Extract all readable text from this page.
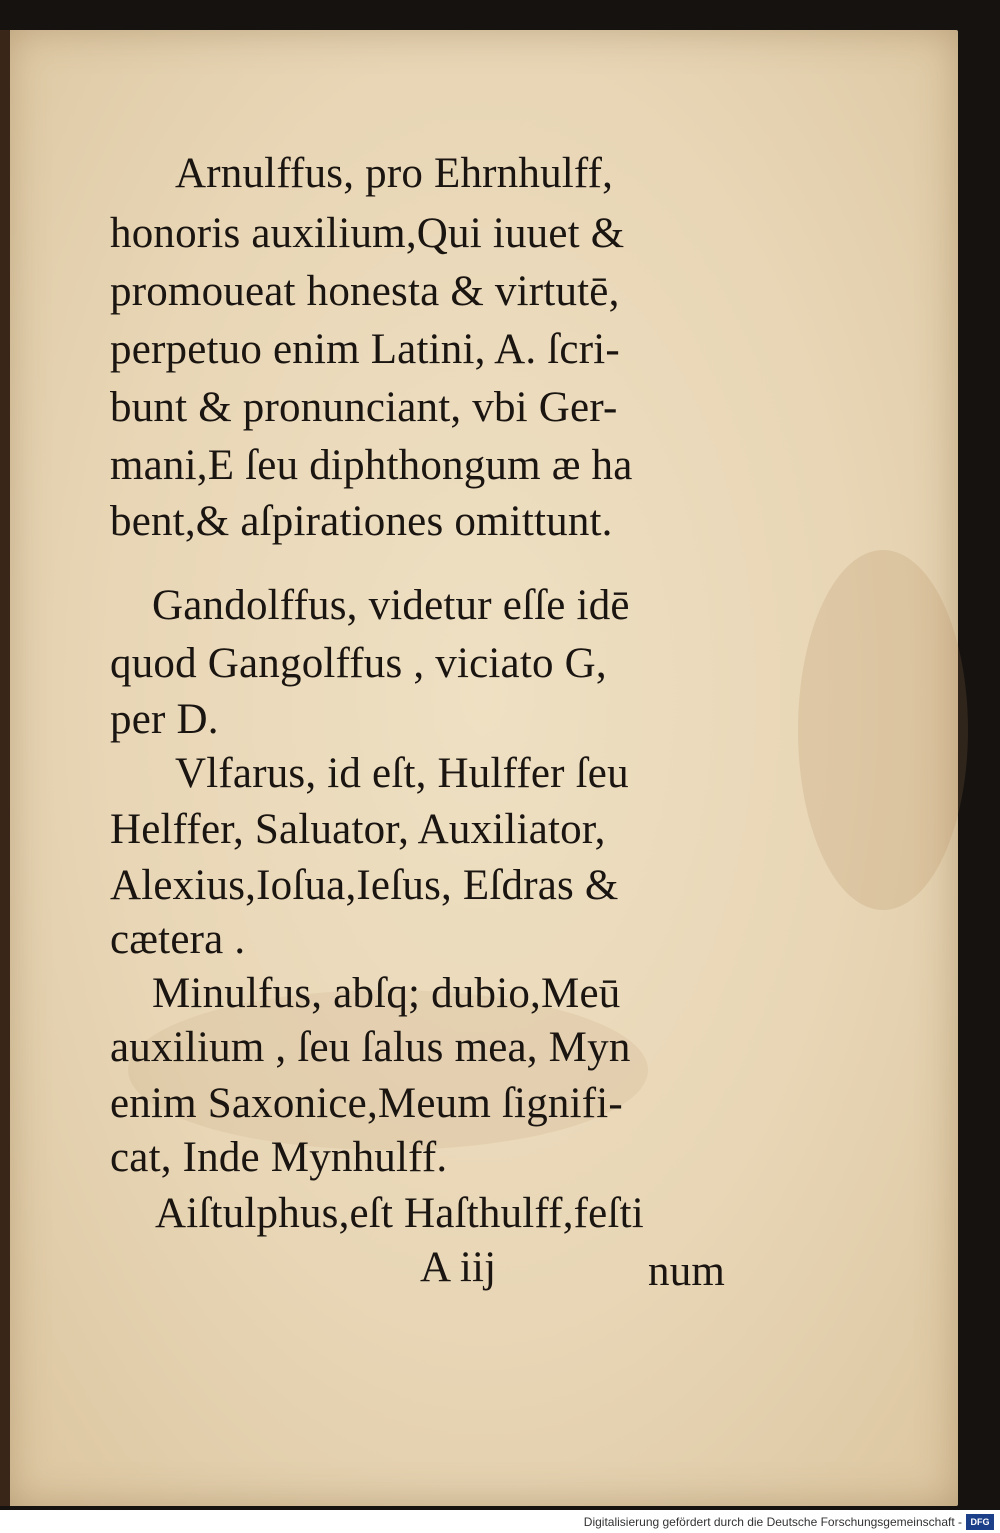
Arnulffus, pro Ehrnhulff,

honoris auxilium,Qui iuuet &

promoueat honesta & virtutē,

perpetuo enim Latini, A. ſcri-

bunt & pronunciant, vbi Ger-

mani,E ſeu diphthongum æ ha

bent,& aſpirationes omittunt.

Gandolffus, videtur eſſe idē

quod Gangolffus , viciato G,

per D.

Vlfarus, id eſt, Hulffer ſeu

Helffer, Saluator, Auxiliator,

Alexius,Ioſua,Ieſus, Eſdras &

cætera .

Minulfus, abſq; dubio,Meū

auxilium , ſeu ſalus mea, Myn

enim Saxonice,Meum ſignifi-

cat, Inde Mynhulff.

Aiſtulphus,eſt Haſthulff,feſti

A iij	num

Digitalisierung gefördert durch die Deutsche Forschungsgemeinschaft - DFG
